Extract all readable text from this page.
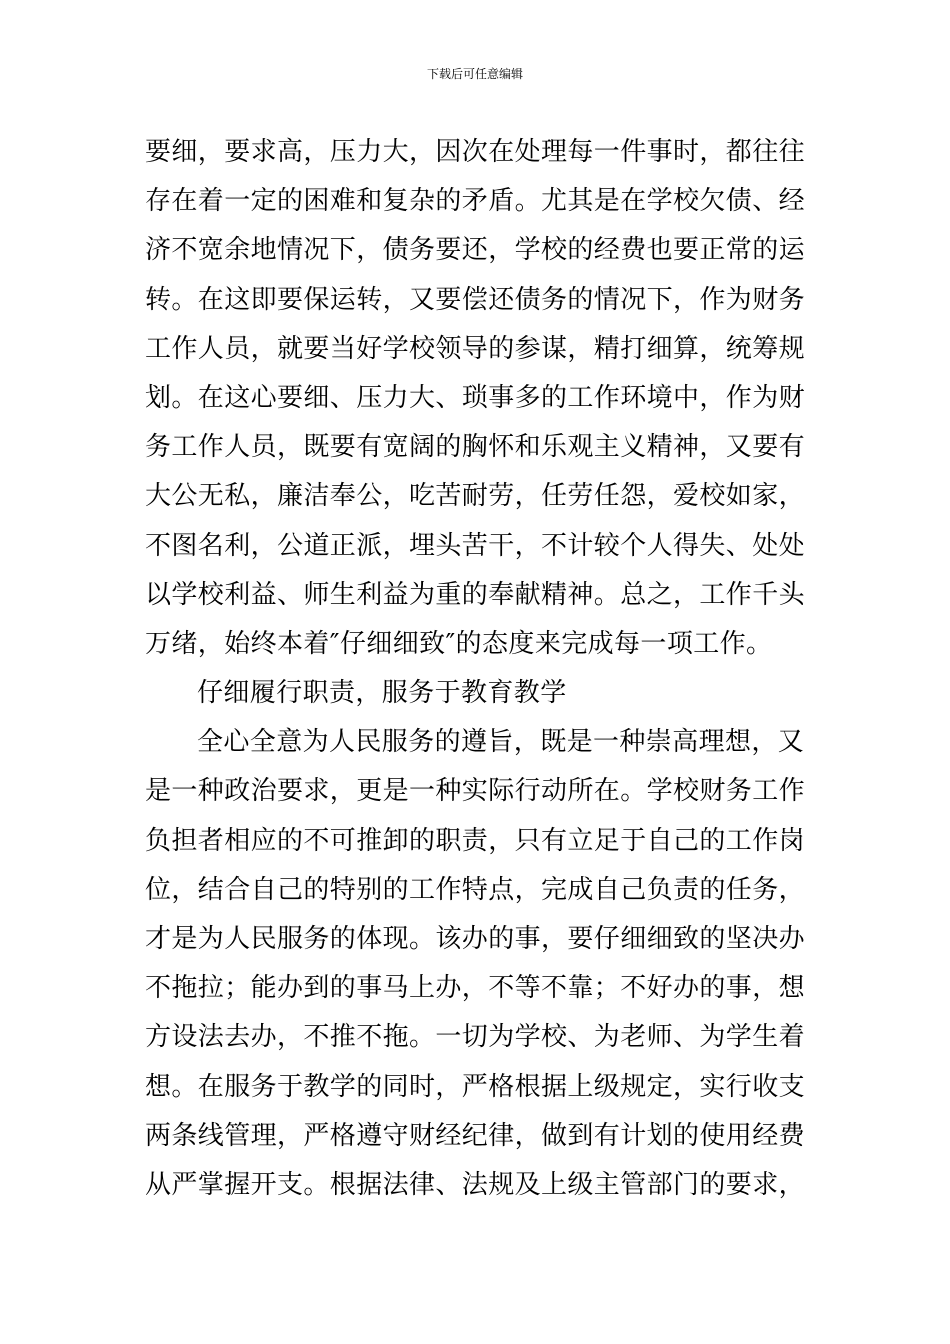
下载后可任意编辑
要细，要求高，压力大，因次在处理每一件事时，都往往
存在着一定的困难和复杂的矛盾。尤其是在学校欠债、经
济不宽余地情况下，债务要还，学校的经费也要正常的运
转。在这即要保运转，又要偿还债务的情况下，作为财务
工作人员，就要当好学校领导的参谋，精打细算，统筹规
划。在这心要细、压力大、琐事多的工作环境中，作为财
务工作人员，既要有宽阔的胸怀和乐观主义精神，又要有
大公无私，廉洁奉公，吃苦耐劳，任劳任怨，爱校如家，
不图名利，公道正派，埋头苦干，不计较个人得失、处处
以学校利益、师生利益为重的奉献精神。总之，工作千头
万绪，始终本着″仔细细致″的态度来完成每一项工作。
仔细履行职责，服务于教育教学
全心全意为人民服务的遵旨，既是一种崇高理想，又
是一种政治要求，更是一种实际行动所在。学校财务工作
负担者相应的不可推卸的职责，只有立足于自己的工作岗
位，结合自己的特别的工作特点，完成自己负责的任务，
才是为人民服务的体现。该办的事，要仔细细致的坚决办
不拖拉；能办到的事马上办，不等不靠；不好办的事，想
方设法去办，不推不拖。一切为学校、为老师、为学生着
想。在服务于教学的同时，严格根据上级规定，实行收支
两条线管理，严格遵守财经纪律，做到有计划的使用经费
从严掌握开支。根据法律、法规及上级主管部门的要求，
